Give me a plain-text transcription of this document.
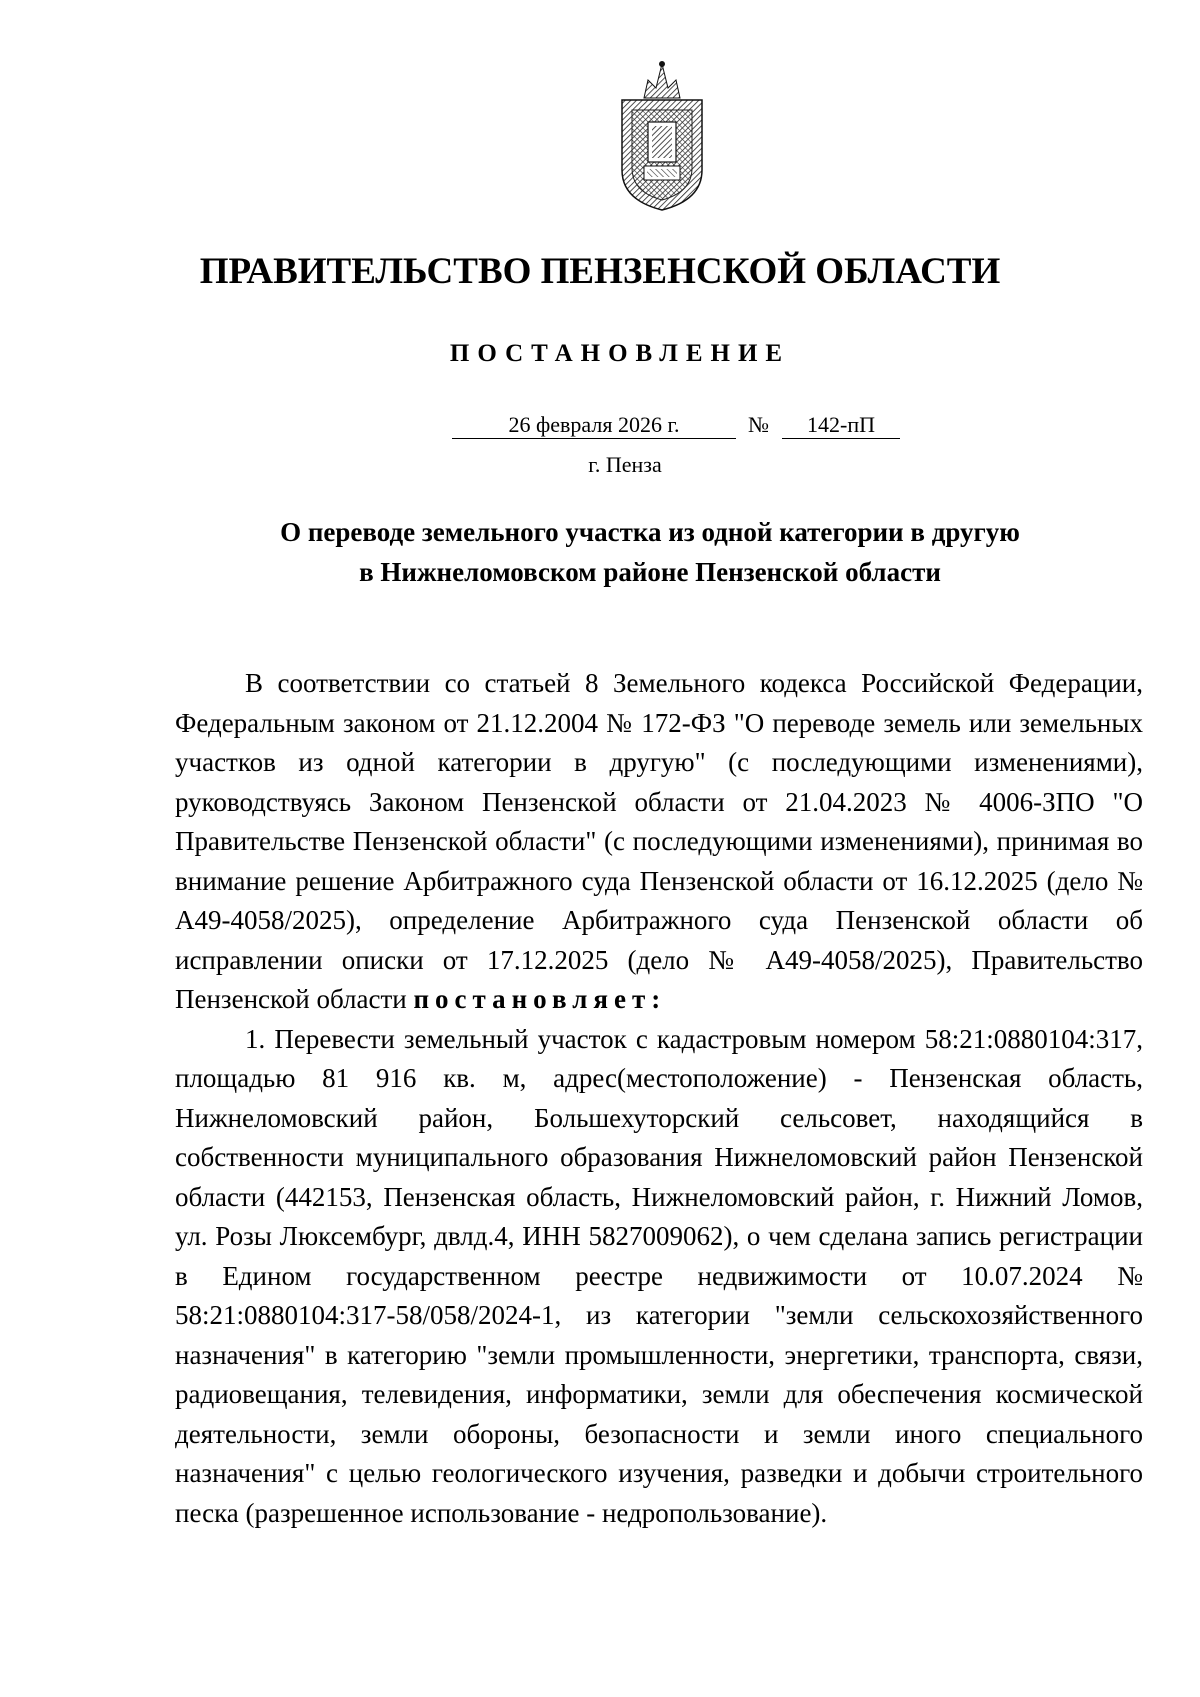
ПРАВИТЕЛЬСТВО ПЕНЗЕНСКОЙ ОБЛАСТИ
ПОСТАНОВЛЕНИЕ
26 февраля 2026 г.	№	142-пП
г. Пенза
О переводе земельного участка из одной категории в другую
в Нижнеломовском районе Пензенской области

В соответствии со статьей 8 Земельного кодекса Российской Федерации, Федеральным законом от 21.12.2004 № 172-ФЗ "О переводе земель или земельных участков из одной категории в другую" (с последующими изменениями), руководствуясь Законом Пензенской области от 21.04.2023 № 4006-ЗПО "О Правительстве Пензенской области" (с последующими изменениями), принимая во внимание решение Арбитражного суда Пензенской области от 16.12.2025 (дело № А49-4058/2025), определение Арбитражного суда Пензенской области об исправлении описки от 17.12.2025 (дело № А49-4058/2025), Правительство Пензенской области постановляет:

1. Перевести земельный участок с кадастровым номером 58:21:0880104:317, площадью 81 916 кв. м, адрес(местоположение) - Пензенская область, Нижнеломовский район, Большехуторский сельсовет, находящийся в собственности муниципального образования Нижнеломовский район Пензенской области (442153, Пензенская область, Нижнеломовский район, г. Нижний Ломов, ул. Розы Люксембург, двлд.4, ИНН 5827009062), о чем сделана запись регистрации в Едином государственном реестре недвижимости от 10.07.2024 № 58:21:0880104:317-58/058/2024-1, из категории "земли сельскохозяйственного назначения" в категорию "земли промышленности, энергетики, транспорта, связи, радиовещания, телевидения, информатики, земли для обеспечения космической деятельности, земли обороны, безопасности и земли иного специального назначения" с целью геологического изучения, разведки и добычи строительного песка (разрешенное использование - недропользование).
